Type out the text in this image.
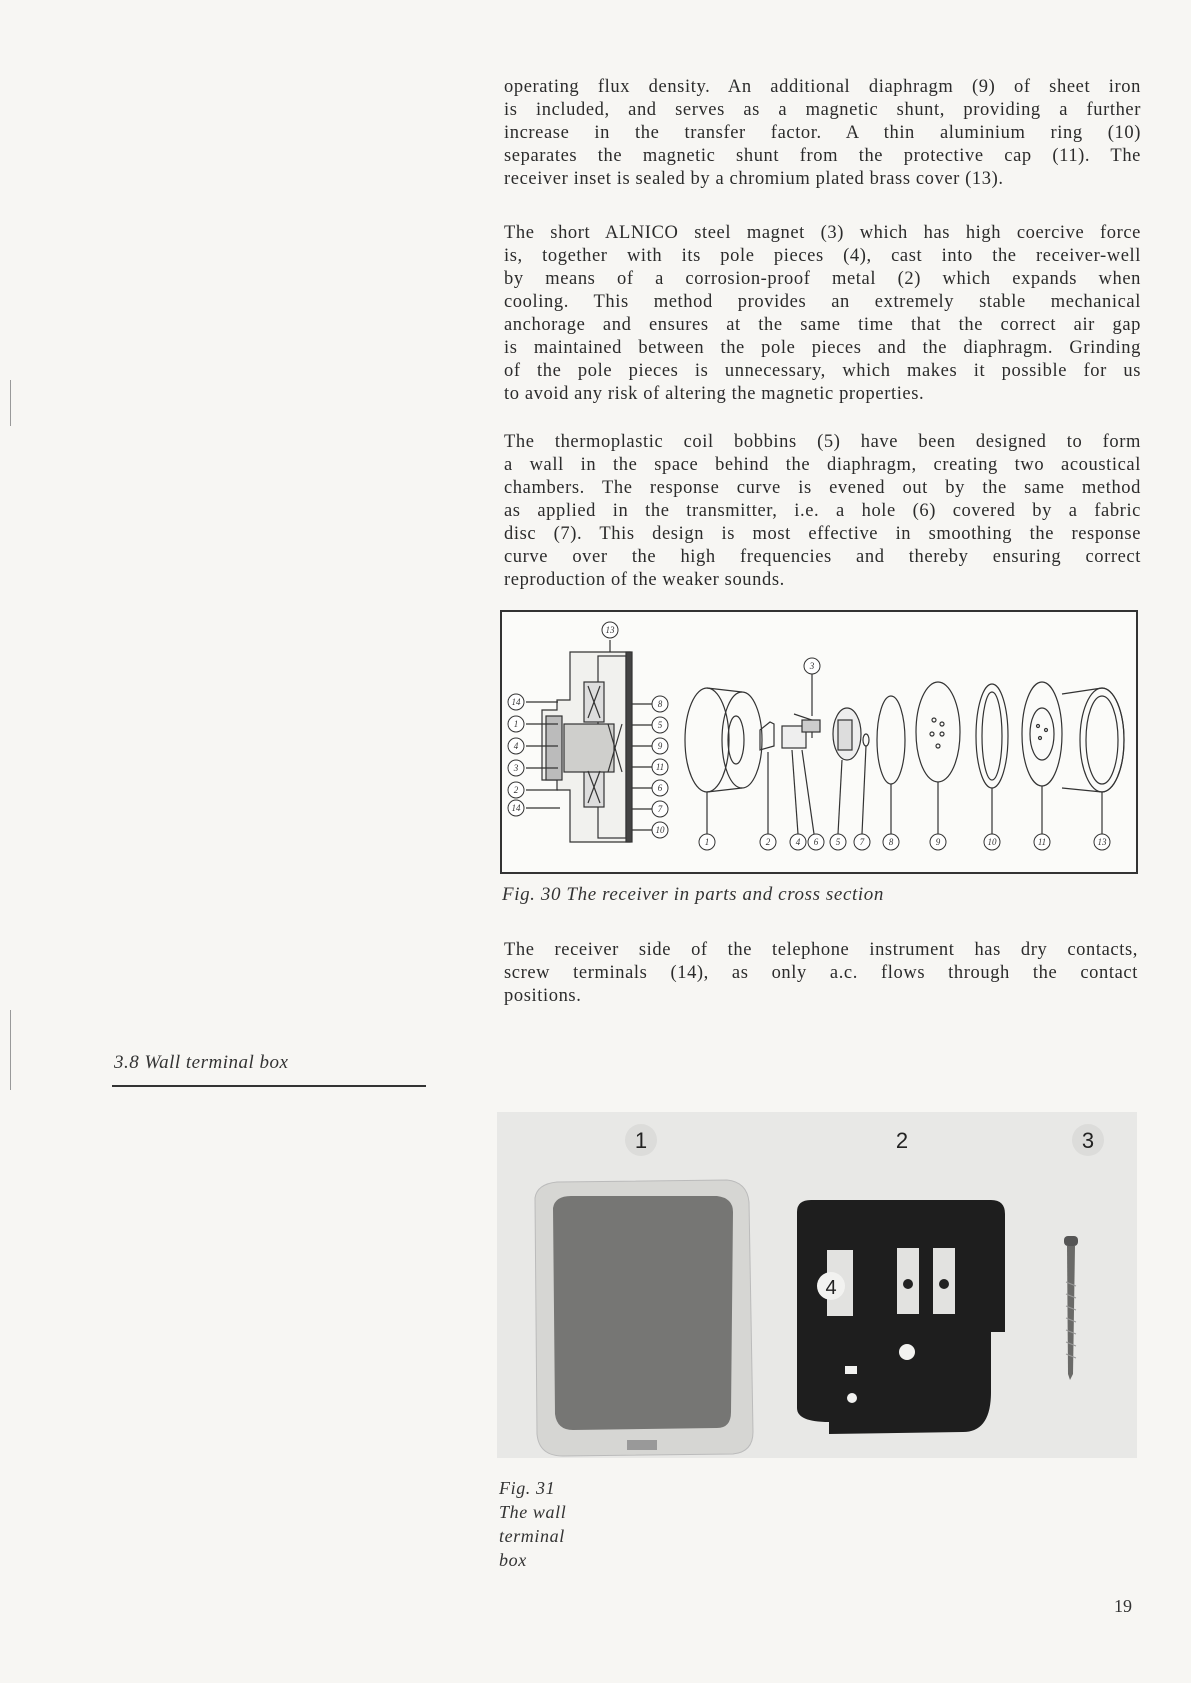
operating flux density. An additional diaphragm (9) of sheet iron
is included, and serves as a magnetic shunt, providing a further
increase in the transfer factor. A thin aluminium ring (10)
separates the magnetic shunt from the protective cap (11). The
receiver inset is sealed by a chromium plated brass cover (13).
The short ALNICO steel magnet (3) which has high coercive force
is, together with its pole pieces (4), cast into the receiver-well
by means of a corrosion-proof metal (2) which expands when
cooling. This method provides an extremely stable mechanical
anchorage and ensures at the same time that the correct air gap
is maintained between the pole pieces and the diaphragm. Grinding
of the pole pieces is unnecessary, which makes it possible for us
to avoid any risk of altering the magnetic properties.
The thermoplastic coil bobbins (5) have been designed to form
a wall in the space behind the diaphragm, creating two acoustical
chambers. The response curve is evened out by the same method
as applied in the transmitter, i.e. a hole (6) covered by a fabric
disc (7). This design is most effective in smoothing the response
curve over the high frequencies and thereby ensuring correct
reproduction of the weaker sounds.
14
1
4
3
2
14
8
5
9
11
6
7
10
13
3
1	2	4 6 5 7	8	9	10	11	13
Fig. 30 The receiver in parts and cross section
The receiver side of the telephone instrument has dry contacts,
screw terminals (14), as only a.c. flows through the contact
positions.
3.8 Wall terminal box
1	2	3
4
Fig. 31
The wall
terminal
box
19
